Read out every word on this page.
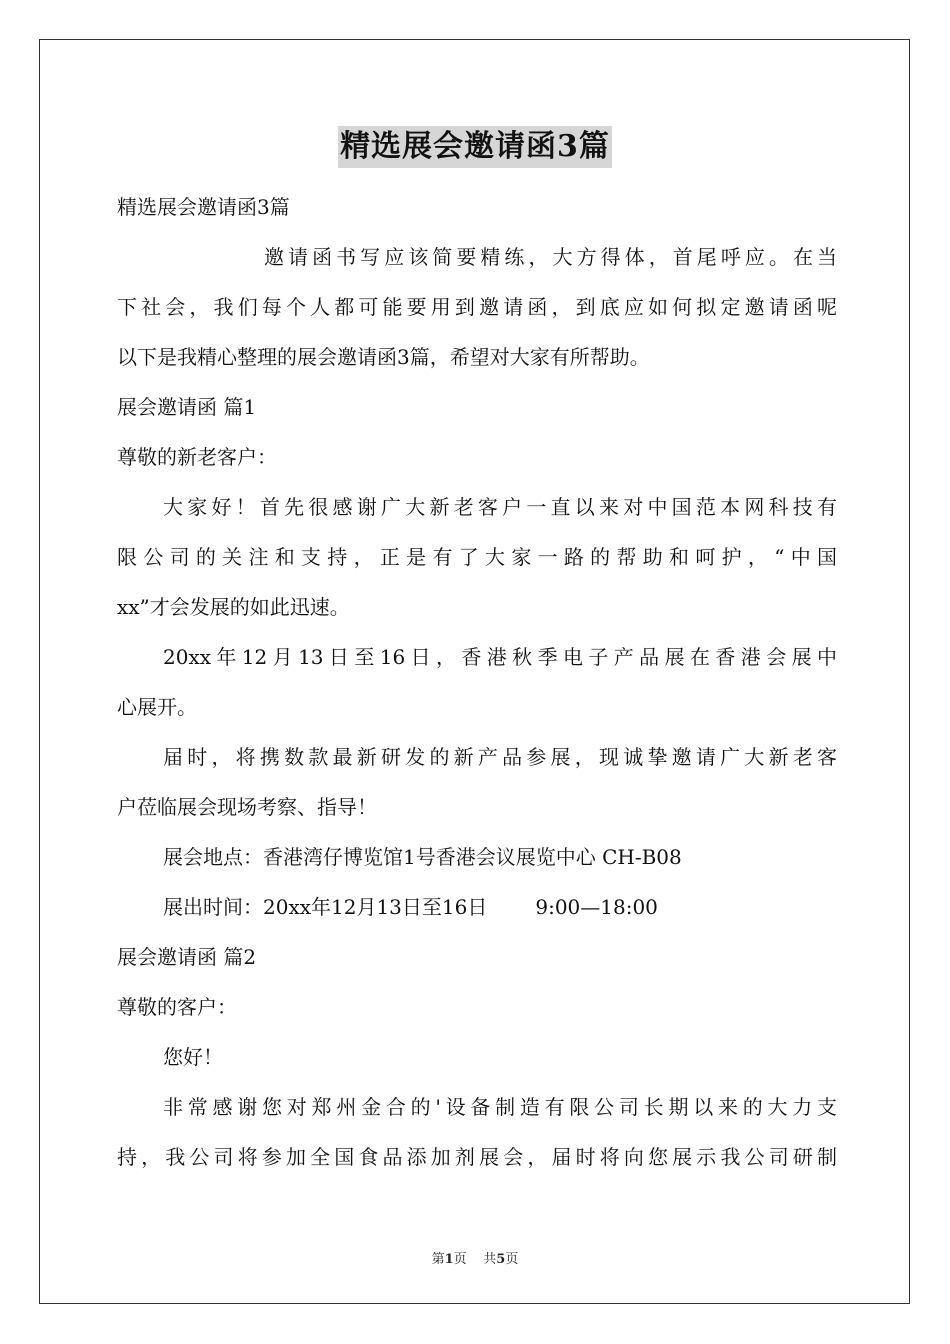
精选展会邀请函3篇
精选展会邀请函3篇
邀请函书写应该简要精练，大方得体，首尾呼应。在当
下社会，我们每个人都可能要用到邀请函，到底应如何拟定邀请函呢
以下是我精心整理的展会邀请函3篇，希望对大家有所帮助。
展会邀请函 篇1
尊敬的新老客户：
大家好！首先很感谢广大新老客户一直以来对中国范本网科技有
限公司的关注和支持，正是有了大家一路的帮助和呵护，“中国
xx”才会发展的如此迅速。
20xx年12月13日至16日，香港秋季电子产品展在香港会展中
心展开。
届时，将携数款最新研发的新产品参展，现诚挚邀请广大新老客
户莅临展会现场考察、指导！
展会地点：香港湾仔博览馆1号香港会议展览中心 CH-B08
展出时间：20xx年12月13日至16日 9:00—18:00
展会邀请函 篇2
尊敬的客户：
您好！
非常感谢您对郑州金合的'设备制造有限公司长期以来的大力支
持，我公司将参加全国食品添加剂展会，届时将向您展示我公司研制
第1页 共5页
